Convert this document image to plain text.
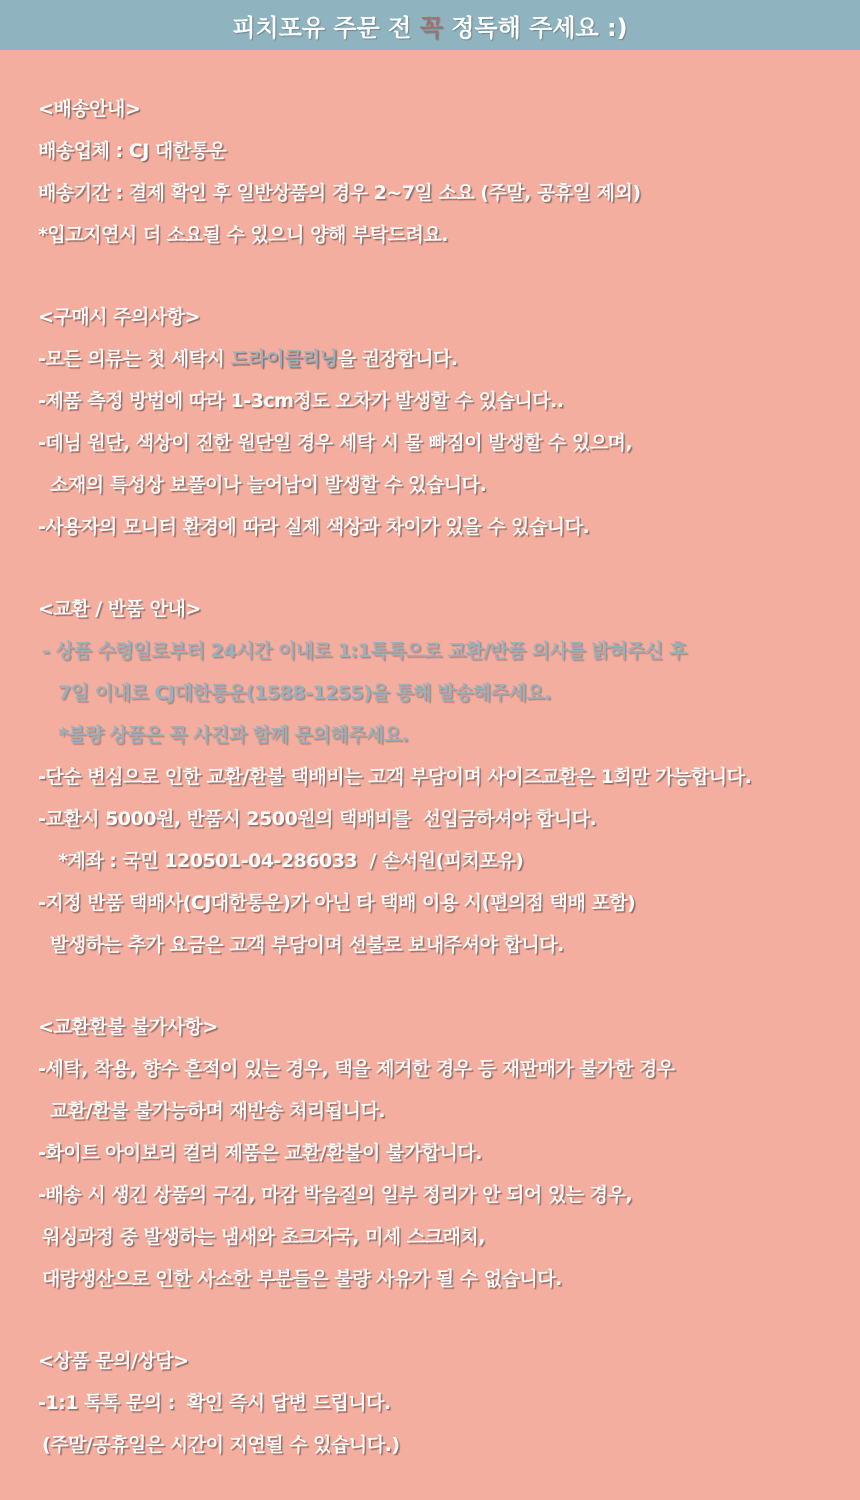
피치포유 주문 전 꼭 정독해 주세요 :)
<배송안내>
배송업체 : CJ 대한통운
배송기간 : 결제 확인 후 일반상품의 경우 2~7일 소요 (주말, 공휴일 제외)
*입고지연시 더 소요될 수 있으니 양해 부탁드려요.
<구매시 주의사항>
-모든 의류는 첫 세탁시 드라이클리닝을 권장합니다.
-제품 측정 방법에 따라 1-3cm정도 오차가 발생할 수 있습니다..
-데님 원단, 색상이 진한 원단일 경우 세탁 시 물 빠짐이 발생할 수 있으며,
소재의 특성상 보풀이나 늘어남이 발생할 수 있습니다.
-사용자의 모니터 환경에 따라 실제 색상과 차이가 있을 수 있습니다.
<교환 / 반품 안내>
- 상품 수령일로부터 24시간 이내로 1:1톡톡으로 교환/반품 의사를 밝혀주신 후
7일 이내로 CJ대한통운(1588-1255)을 통해 발송해주세요.
*불량 상품은 꼭 사진과 함께 문의해주세요.
-단순 변심으로 인한 교환/환불 택배비는 고객 부담이며 사이즈교환은 1회만 가능합니다.
-교환시 5000원, 반품시 2500원의 택배비를  선입금하셔야 합니다.
*계좌 : 국민 120501-04-286033  / 손서원(피치포유)
-지정 반품 택배사(CJ대한통운)가 아닌 타 택배 이용 시(편의점 택배 포함)
발생하는 추가 요금은 고객 부담이며 선불로 보내주셔야 합니다.
<교환환불 불가사항>
-세탁, 착용, 향수 흔적이 있는 경우, 택을 제거한 경우 등 재판매가 불가한 경우
교환/환불 불가능하며 재반송 처리됩니다.
-화이트 아이보리 컬러 제품은 교환/환불이 불가합니다.
-배송 시 생긴 상품의 구김, 마감 박음질의 일부 정리가 안 되어 있는 경우,
워싱과정 중 발생하는 냄새와 초크자국, 미세 스크래치,
대량생산으로 인한 사소한 부분들은 불량 사유가 될 수 없습니다.
<상품 문의/상담>
-1:1 톡톡 문의 :  확인 즉시 답변 드립니다.
(주말/공휴일은 시간이 지연될 수 있습니다.)
